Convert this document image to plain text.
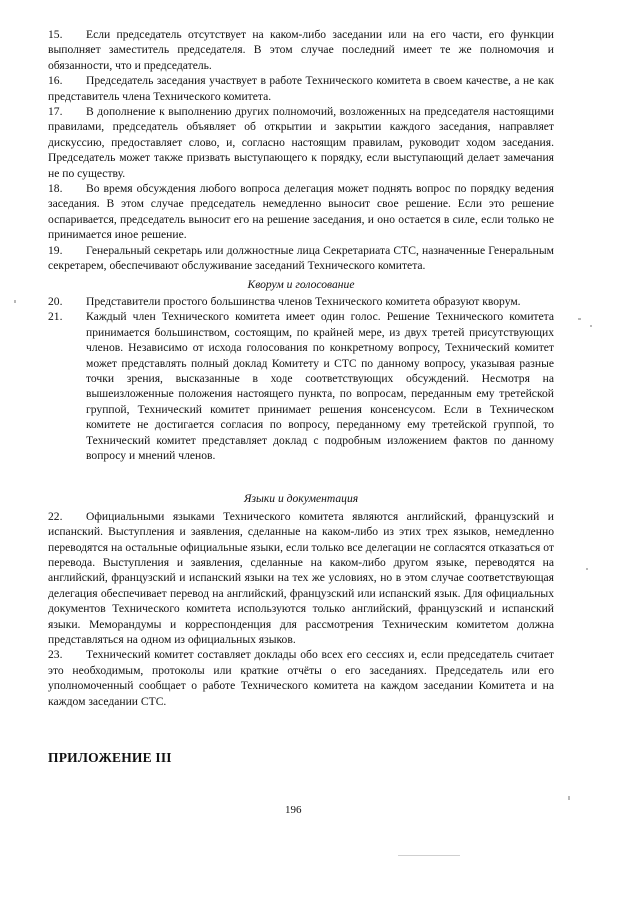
15. Если председатель отсутствует на каком-либо заседании или на его части, его функции выполняет заместитель председателя. В этом случае последний имеет те же полномочия и обязанности, что и председатель.

16. Председатель заседания участвует в работе Технического комитета в своем качестве, а не как представитель члена Технического комитета.

17. В дополнение к выполнению других полномочий, возложенных на председателя настоящими правилами, председатель объявляет об открытии и закрытии каждого заседания, направляет дискуссию, предоставляет слово, и, согласно настоящим правилам, руководит ходом заседания. Председатель может также призвать выступающего к порядку, если выступающий делает замечания не по существу.

18. Во время обсуждения любого вопроса делегация может поднять вопрос по порядку ведения заседания. В этом случае председатель немедленно выносит свое решение. Если это решение оспаривается, председатель выносит его на решение заседания, и оно остается в силе, если только не принимается иное решение.

19. Генеральный секретарь или должностные лица Секретариата СТС, назначенные Генеральным секретарем, обеспечивают обслуживание заседаний Технического комитета.

Кворум и голосование

20. Представители простого большинства членов Технического комитета образуют кворум.

21. Каждый член Технического комитета имеет один голос. Решение Технического комитета принимается большинством, состоящим, по крайней мере, из двух третей присутствующих членов. Независимо от исхода голосования по конкретному вопросу, Технический комитет может представлять полный доклад Комитету и СТС по данному вопросу, указывая разные точки зрения, высказанные в ходе соответствующих обсуждений. Несмотря на вышеизложенные положения настоящего пункта, по вопросам, переданным ему третейской группой, Технический комитет принимает решения консенсусом. Если в Техническом комитете не достигается согласия по вопросу, переданному ему третейской группой, то Технический комитет представляет доклад с подробным изложением фактов по данному вопросу и мнений членов.

Языки и документация

22. Официальными языками Технического комитета являются английский, французский и испанский. Выступления и заявления, сделанные на каком-либо из этих трех языков, немедленно переводятся на остальные официальные языки, если только все делегации не согласятся отказаться от перевода. Выступления и заявления, сделанные на каком-либо другом языке, переводятся на английский, французский и испанский языки на тех же условиях, но в этом случае соответствующая делегация обеспечивает перевод на английский, французский или испанский язык. Для официальных документов Технического комитета используются только английский, французский и испанский языки. Меморандумы и корреспонденция для рассмотрения Техническим комитетом должна представляться на одном из официальных языков.

23. Технический комитет составляет доклады обо всех его сессиях и, если председатель считает это необходимым, протоколы или краткие отчёты о его заседаниях. Председатель или его уполномоченный сообщает о работе Технического комитета на каждом заседании Комитета и на каждом заседании СТС.

ПРИЛОЖЕНИЕ III
196
